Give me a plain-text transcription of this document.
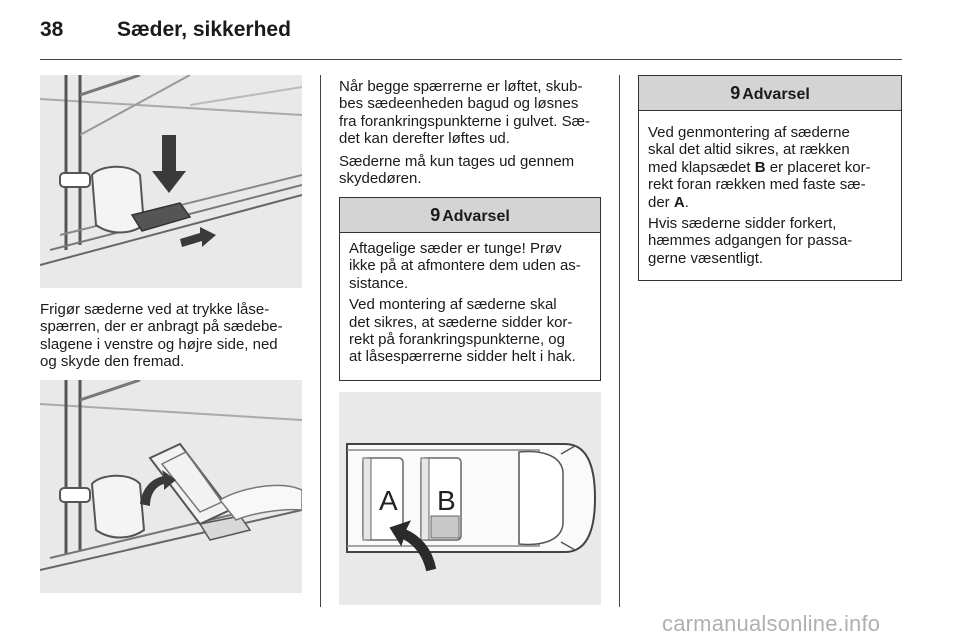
38	Sæder, sikkerhed
Frigør sæderne ved at trykke låse-
spærren, der er anbragt på sædebe-
slagene i venstre og højre side, ned
og skyde den fremad.
Når begge spærrerne er løftet, skub-
bes sædeenheden bagud og løsnes
fra forankringspunkterne i gulvet. Sæ-
det kan derefter løftes ud.
Sæderne må kun tages ud gennem
skydedøren.
9 Advarsel

Aftagelige sæder er tunge! Prøv
ikke på at afmontere dem uden as-
sistance.

Ved montering af sæderne skal
det sikres, at sæderne sidder kor-
rekt på forankringspunkterne, og
at låsespærrerne sidder helt i hak.

A B
9 Advarsel

Ved genmontering af sæderne
skal det altid sikres, at rækken
med klapsædet B er placeret kor-
rekt foran rækken med faste sæ-
der A.

Hvis sæderne sidder forkert,
hæmmes adgangen for passa-
gerne væsentligt.

carmanualsonline.info
